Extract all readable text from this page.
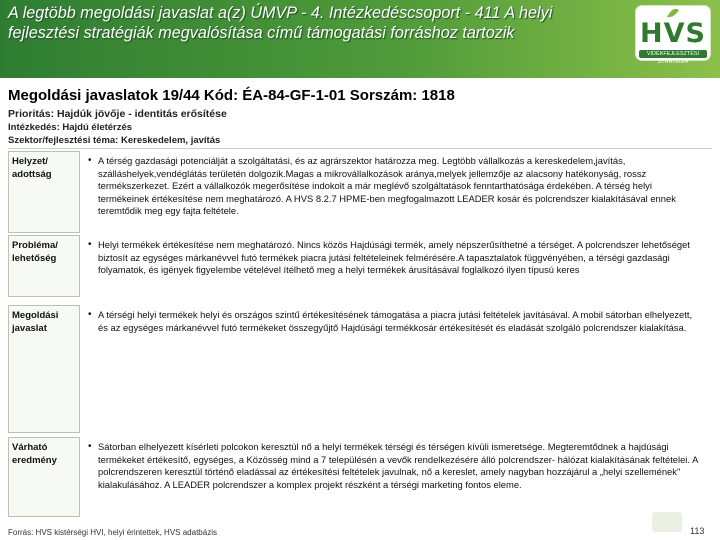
A legtöbb megoldási javaslat a(z) ÚMVP - 4. Intézkedéscsoport - 411 A helyi fejlesztési stratégiák megvalósítása című támogatási forráshoz tartozik	HVS
VIDÉKFEJLESZTÉSI STRATÉGIA
Megoldási javaslatok 19/44 Kód: ÉA-84-GF-1-01 Sorszám: 1818
Prioritás: Hajdúk jövője - identitás erősítése
Intézkedés: Hajdú életérzés
Szektor/fejlesztési téma: Kereskedelem, javítás
Helyzet/ adottság
• A térség gazdasági potenciálját a szolgáltatási, és az agrárszektor határozza meg. Legtöbb vállalkozás a kereskedelem,javítás, szálláshelyek,vendéglátás területén dolgozik.Magas a mikrovállalkozások aránya,melyek jellemzője az alacsony hatékonyság, rossz termékszerkezet. Ezért a vállalkozók megerősítése indokolt a már meglévő szolgáltatások fenntarthatósága érdekében. A térség helyi termékeinek értékesítése nem meghatározó. A HVS 8.2.7 HPME-ben megfogalmazott LEADER kosár és polcrendszer kialakításával ennek teremtődik meg egy fajta feltétele.
Probléma/ lehetőség
• Helyi termékek értékesítése nem meghatározó. Nincs közös Hajdúsági termék, amely népszerűsíthetné a térséget. A polcrendszer lehetőséget biztosít az egységes márkanévvel futó termékek piacra jutási feltételeinek felmérésére.A tapasztalatok függvényében, a térségi gazdasági folyamatok, és igények figyelembe vételével ítélhető meg a helyi termékek árusításával foglalkozó ilyen típusú keres
Megoldási javaslat
• A térségi helyi termékek helyi és országos szintű értékesítésének támogatása a piacra jutási feltételek javításával. A mobil sátorban elhelyezett, és az egységes márkanévvel futó termékeket összegyűjtő Hajdúsági termékkosár értékesítését és eladását szolgáló polcrendszer kialakítása.
Várható eredmény
• Sátorban elhelyezett kísérleti polcokon keresztül nő a helyi termékek térségi és térségen kívüli ismeretsége. Megteremtődnek a hajdúsági termékeket értékesítő, egységes, a Közösség mind a 7 településén a vevők rendelkezésére álló polcrendszer- hálózat kialakításának feltételei. A polcrendszeren keresztül történő eladással az értékesítési feltételek javulnak, nő a kereslet, amely nagyban hozzájárul a „helyi szellemének" kialakulásához. A LEADER polcrendszer a komplex projekt részként a térségi marketing fontos eleme.
Forrás: HVS kistérségi HVI, helyi érintettek, HVS adatbázis	113
